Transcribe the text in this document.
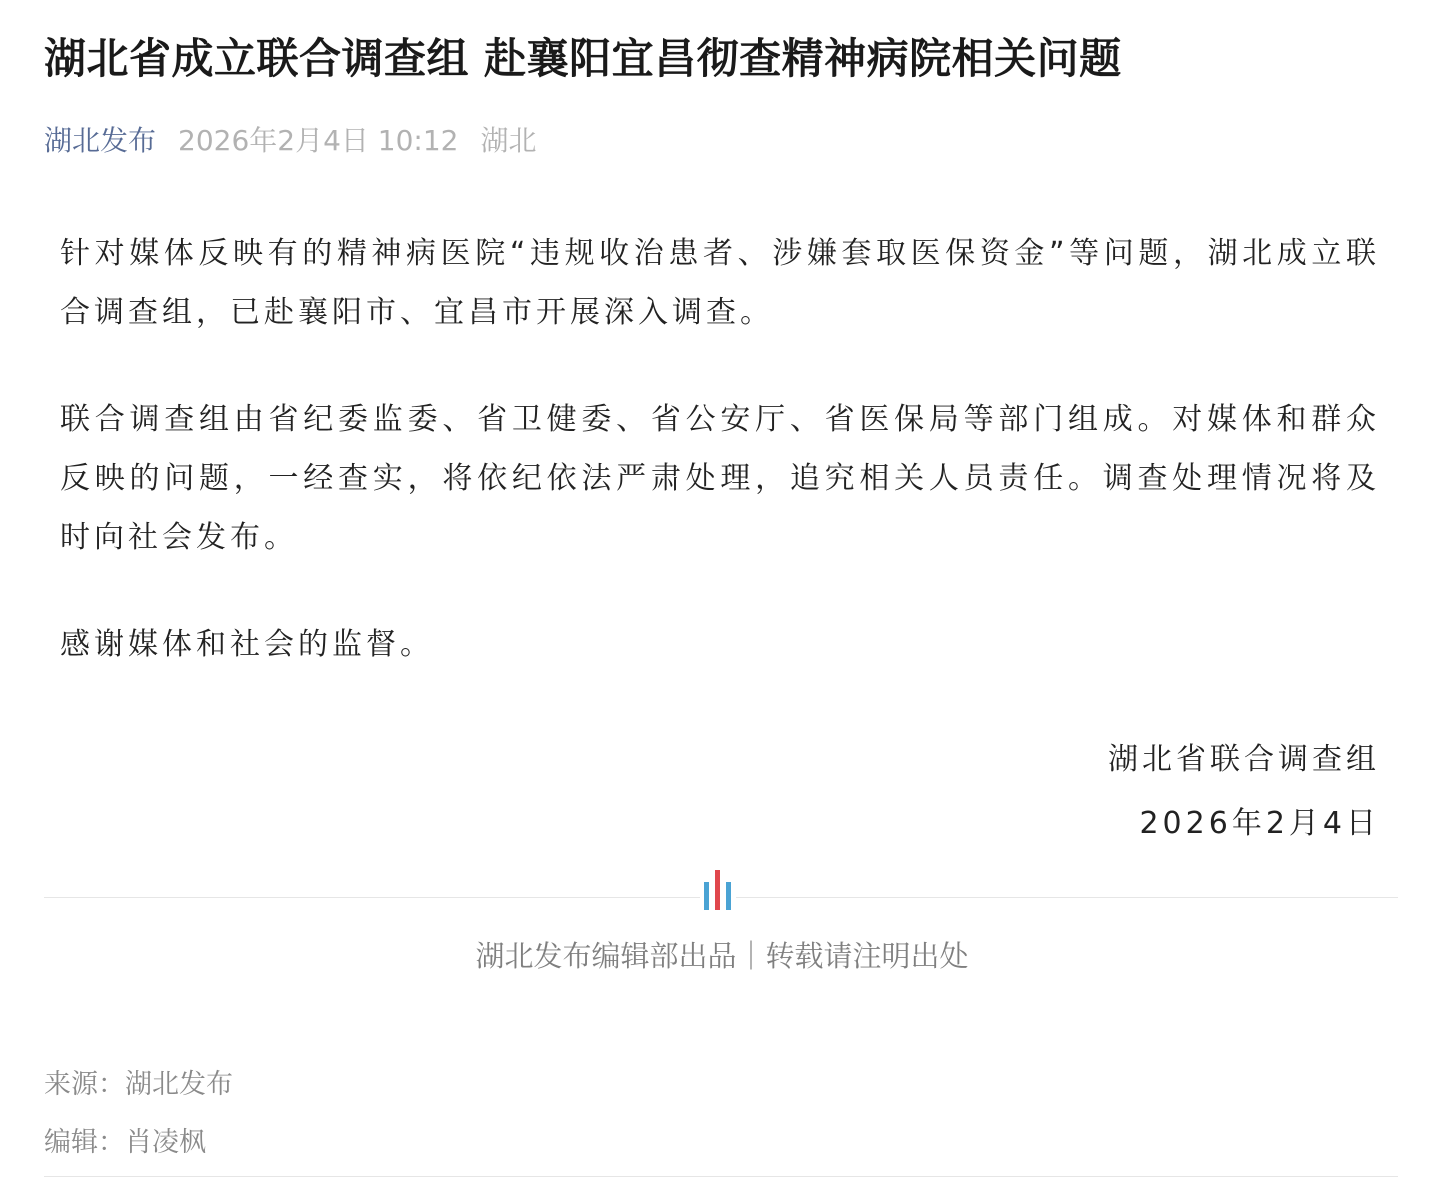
湖北省成立联合调查组 赴襄阳宜昌彻查精神病院相关问题
湖北发布 2026年2月4日 10:12 湖北

针对媒体反映有的精神病医院“违规收治患者、涉嫌套取医保资金”等问题，湖北成立联合调查组，已赴襄阳市、宜昌市开展深入调查。

联合调查组由省纪委监委、省卫健委、省公安厅、省医保局等部门组成。对媒体和群众反映的问题，一经查实，将依纪依法严肃处理，追究相关人员责任。调查处理情况将及时向社会发布。

感谢媒体和社会的监督。

湖北省联合调查组
2026年2月4日
湖北发布编辑部出品｜转载请注明出处
来源：湖北发布
编辑：肖凌枫
